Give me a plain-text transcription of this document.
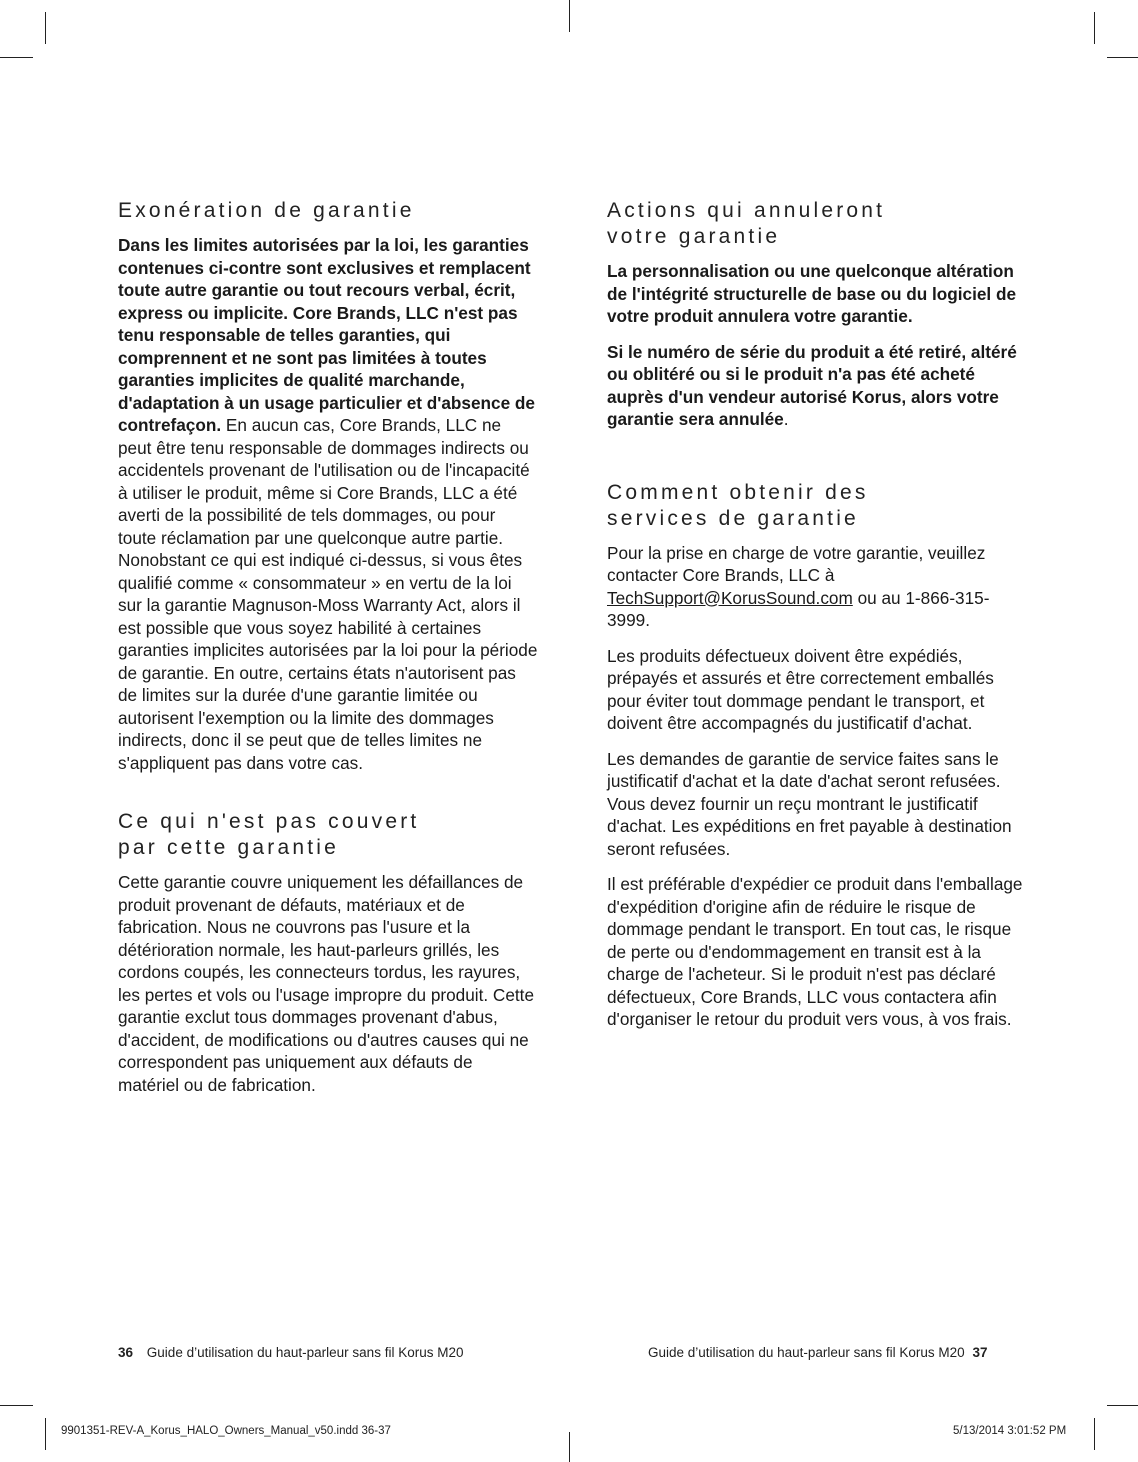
Exonération de garantie

Dans les limites autorisées par la loi, les garanties contenues ci-contre sont exclusives et remplacent toute autre garantie ou tout recours verbal, écrit, express ou implicite. Core Brands, LLC n'est pas tenu responsable de telles garanties, qui comprennent et ne sont pas limitées à toutes garanties implicites de qualité marchande, d'adaptation à un usage particulier et d'absence de contrefaçon. En aucun cas, Core Brands, LLC ne peut être tenu responsable de dommages indirects ou accidentels provenant de l'utilisation ou de l'incapacité à utiliser le produit, même si Core Brands, LLC a été averti de la possibilité de tels dommages, ou pour toute réclamation par une quelconque autre partie. Nonobstant ce qui est indiqué ci-dessus, si vous êtes qualifié comme « consommateur » en vertu de la loi sur la garantie Magnuson-Moss Warranty Act, alors il est possible que vous soyez habilité à certaines garanties implicites autorisées par la loi pour la période de garantie. En outre, certains états n'autorisent pas de limites sur la durée d'une garantie limitée ou autorisent l'exemption ou la limite des dommages indirects, donc il se peut que de telles limites ne s'appliquent pas dans votre cas.

Ce qui n'est pas couvert
par cette garantie

Cette garantie couvre uniquement les défaillances de produit provenant de défauts, matériaux et de fabrication. Nous ne couvrons pas l'usure et la détérioration normale, les haut-parleurs grillés, les cordons coupés, les connecteurs tordus, les rayures, les pertes et vols ou l'usage impropre du produit. Cette garantie exclut tous dommages provenant d'abus, d'accident, de modifications ou d'autres causes qui ne correspondent pas uniquement aux défauts de matériel ou de fabrication.

Actions qui annuleront
votre garantie

La personnalisation ou une quelconque altération de l'intégrité structurelle de base ou du logiciel de votre produit annulera votre garantie.

Si le numéro de série du produit a été retiré, altéré ou oblitéré ou si le produit n'a pas été acheté auprès d'un vendeur autorisé Korus, alors votre garantie sera annulée.

Comment obtenir des
services de garantie

Pour la prise en charge de votre garantie, veuillez contacter Core Brands, LLC à TechSupport@KorusSound.com ou au 1-866-315-3999.

Les produits défectueux doivent être expédiés, prépayés et assurés et être correctement emballés pour éviter tout dommage pendant le transport, et doivent être accompagnés du justificatif d'achat.

Les demandes de garantie de service faites sans le justificatif d'achat et la date d'achat seront refusées. Vous devez fournir un reçu montrant le justificatif d'achat. Les expéditions en fret payable à destination seront refusées.

Il est préférable d'expédier ce produit dans l'emballage d'expédition d'origine afin de réduire le risque de dommage pendant le transport. En tout cas, le risque de perte ou d'endommagement en transit est à la charge de l'acheteur. Si le produit n'est pas déclaré défectueux, Core Brands, LLC vous contactera afin d'organiser le retour du produit vers vous, à vos frais.

36 Guide d’utilisation du haut-parleur sans fil Korus M20	Guide d’utilisation du haut-parleur sans fil Korus M20 37
9901351-REV-A_Korus_HALO_Owners_Manual_v50.indd 36-37	5/13/2014 3:01:52 PM
